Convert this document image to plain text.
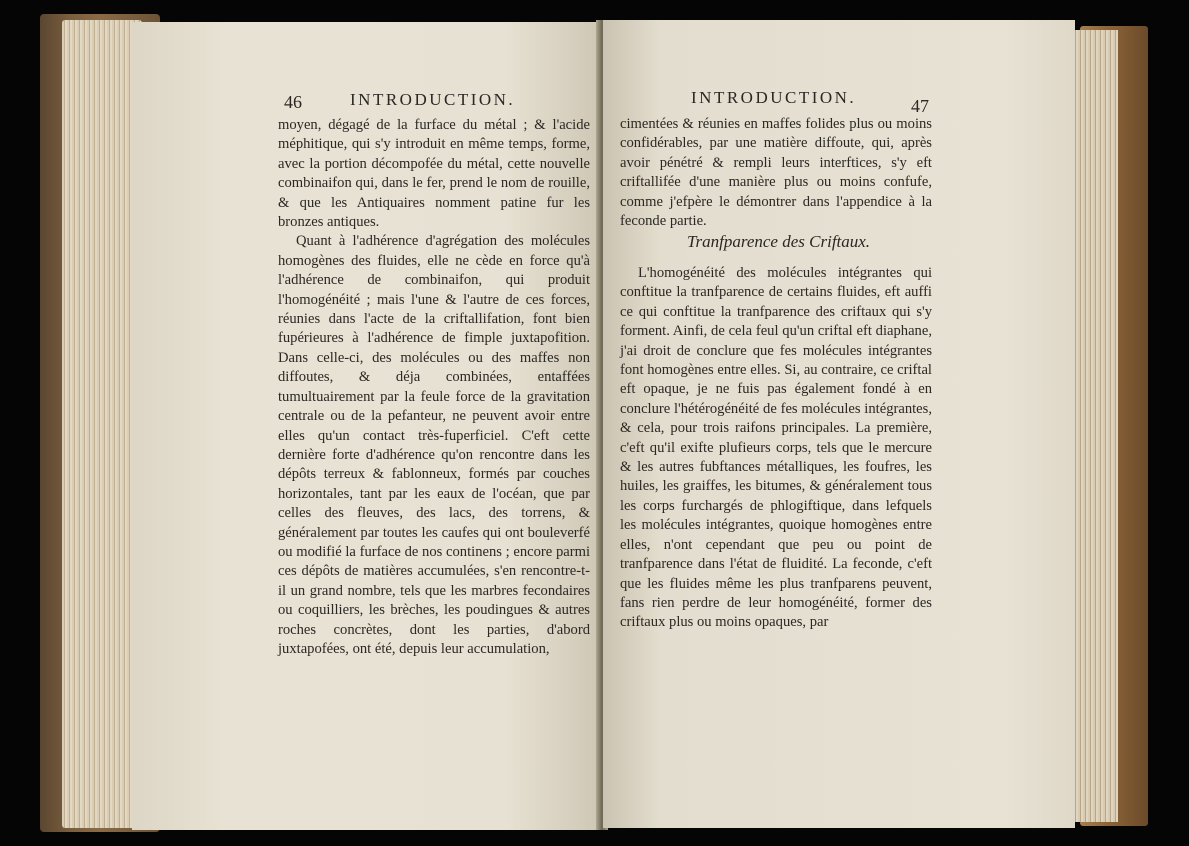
46	INTRODUCTION.

moyen, dégagé de la furface du métal ; & l'acide méphitique, qui s'y introduit en même temps, forme, avec la portion décompofée du métal, cette nouvelle combinaifon qui, dans le fer, prend le nom de rouille, & que les Antiquaires nomment patine fur les bronzes antiques.

Quant à l'adhérence d'agrégation des molécules homogènes des fluides, elle ne cède en force qu'à l'adhérence de combinaifon, qui produit l'homogénéité ; mais l'une & l'autre de ces forces, réunies dans l'acte de la criftallifation, font bien fupérieures à l'adhérence de fimple juxtapofition. Dans celle-ci, des molécules ou des maffes non diffoutes, & déja combinées, entaffées tumultuairement par la feule force de la gravitation centrale ou de la pefanteur, ne peuvent avoir entre elles qu'un contact très-fuperficiel. C'eft cette dernière forte d'adhérence qu'on rencontre dans les dépôts terreux & fablonneux, formés par couches horizontales, tant par les eaux de l'océan, que par celles des fleuves, des lacs, des torrens, & généralement par toutes les caufes qui ont bouleverfé ou modifié la furface de nos continens ; encore parmi ces dépôts de matières accumulées, s'en rencontre-t-il un grand nombre, tels que les marbres fecondaires ou coquilliers, les brèches, les poudingues & autres roches concrètes, dont les parties, d'abord juxtapofées, ont été, depuis leur accumulation,

INTRODUCTION.	47

cimentées & réunies en maffes folides plus ou moins confidérables, par une matière diffoute, qui, après avoir pénétré & rempli leurs interftices, s'y eft criftallifée d'une manière plus ou moins confufe, comme j'efpère le démontrer dans l'appendice à la feconde partie.

Tranfparence des Criftaux.

L'homogénéité des molécules intégrantes qui conftitue la tranfparence de certains fluides, eft auffi ce qui conftitue la tranfparence des criftaux qui s'y forment. Ainfi, de cela feul qu'un criftal eft diaphane, j'ai droit de conclure que fes molécules intégrantes font homogènes entre elles. Si, au contraire, ce criftal eft opaque, je ne fuis pas également fondé à en conclure l'hétérogénéité de fes molécules intégrantes, & cela, pour trois raifons principales. La première, c'eft qu'il exifte plufieurs corps, tels que le mercure & les autres fubftances métalliques, les foufres, les huiles, les graiffes, les bitumes, & généralement tous les corps furchargés de phlogiftique, dans lefquels les molécules intégrantes, quoique homogènes entre elles, n'ont cependant que peu ou point de tranfparence dans l'état de fluidité. La feconde, c'eft que les fluides même les plus tranfparens peuvent, fans rien perdre de leur homogénéité, former des criftaux plus ou moins opaques, par
